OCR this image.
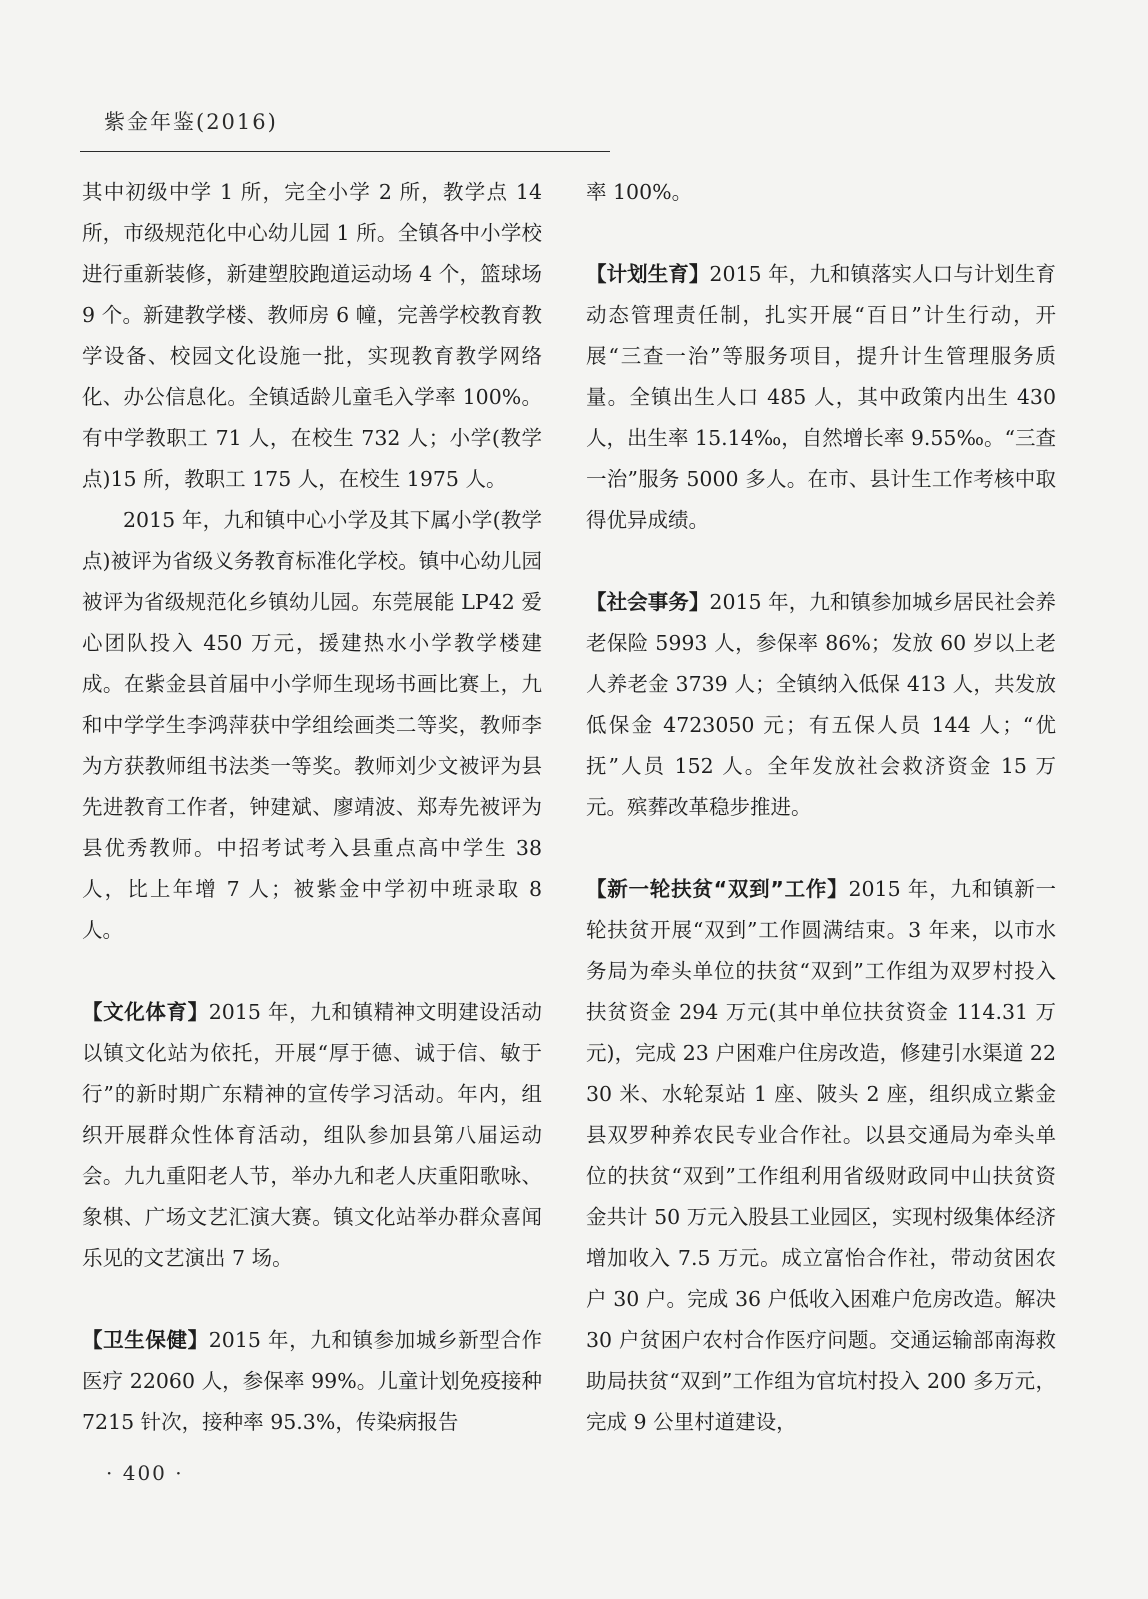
紫金年鉴(2016)

其中初级中学 1 所，完全小学 2 所，教学点 14 所，市级规范化中心幼儿园 1 所。全镇各中小学校进行重新装修，新建塑胶跑道运动场 4 个，篮球场 9 个。新建教学楼、教师房 6 幢，完善学校教育教学设备、校园文化设施一批，实现教育教学网络化、办公信息化。全镇适龄儿童毛入学率 100%。有中学教职工 71 人，在校生 732 人；小学(教学点)15 所，教职工 175 人，在校生 1975 人。

2015 年，九和镇中心小学及其下属小学(教学点)被评为省级义务教育标准化学校。镇中心幼儿园被评为省级规范化乡镇幼儿园。东莞展能 LP42 爱心团队投入 450 万元，援建热水小学教学楼建成。在紫金县首届中小学师生现场书画比赛上，九和中学学生李鸿萍获中学组绘画类二等奖，教师李为方获教师组书法类一等奖。教师刘少文被评为县先进教育工作者，钟建斌、廖靖波、郑寿先被评为县优秀教师。中招考试考入县重点高中学生 38 人，比上年增 7 人；被紫金中学初中班录取 8 人。

【文化体育】2015 年，九和镇精神文明建设活动以镇文化站为依托，开展“厚于德、诚于信、敏于行”的新时期广东精神的宣传学习活动。年内，组织开展群众性体育活动，组队参加县第八届运动会。九九重阳老人节，举办九和老人庆重阳歌咏、象棋、广场文艺汇演大赛。镇文化站举办群众喜闻乐见的文艺演出 7 场。

【卫生保健】2015 年，九和镇参加城乡新型合作医疗 22060 人，参保率 99%。儿童计划免疫接种 7215 针次，接种率 95.3%，传染病报告

率 100%。

【计划生育】2015 年，九和镇落实人口与计划生育动态管理责任制，扎实开展“百日”计生行动，开展“三查一治”等服务项目，提升计生管理服务质量。全镇出生人口 485 人，其中政策内出生 430 人，出生率 15.14‰，自然增长率 9.55‰。“三查一治”服务 5000 多人。在市、县计生工作考核中取得优异成绩。

【社会事务】2015 年，九和镇参加城乡居民社会养老保险 5993 人，参保率 86%；发放 60 岁以上老人养老金 3739 人；全镇纳入低保 413 人，共发放低保金 4723050 元；有五保人员 144 人；“优抚”人员 152 人。全年发放社会救济资金 15 万元。殡葬改革稳步推进。

【新一轮扶贫“双到”工作】2015 年，九和镇新一轮扶贫开展“双到”工作圆满结束。3 年来，以市水务局为牵头单位的扶贫“双到”工作组为双罗村投入扶贫资金 294 万元(其中单位扶贫资金 114.31 万元)，完成 23 户困难户住房改造，修建引水渠道 2230 米、水轮泵站 1 座、陂头 2 座，组织成立紫金县双罗种养农民专业合作社。以县交通局为牵头单位的扶贫“双到”工作组利用省级财政同中山扶贫资金共计 50 万元入股县工业园区，实现村级集体经济增加收入 7.5 万元。成立富怡合作社，带动贫困农户 30 户。完成 36 户低收入困难户危房改造。解决 30 户贫困户农村合作医疗问题。交通运输部南海救助局扶贫“双到”工作组为官坑村投入 200 多万元，完成 9 公里村道建设，

· 400 ·
